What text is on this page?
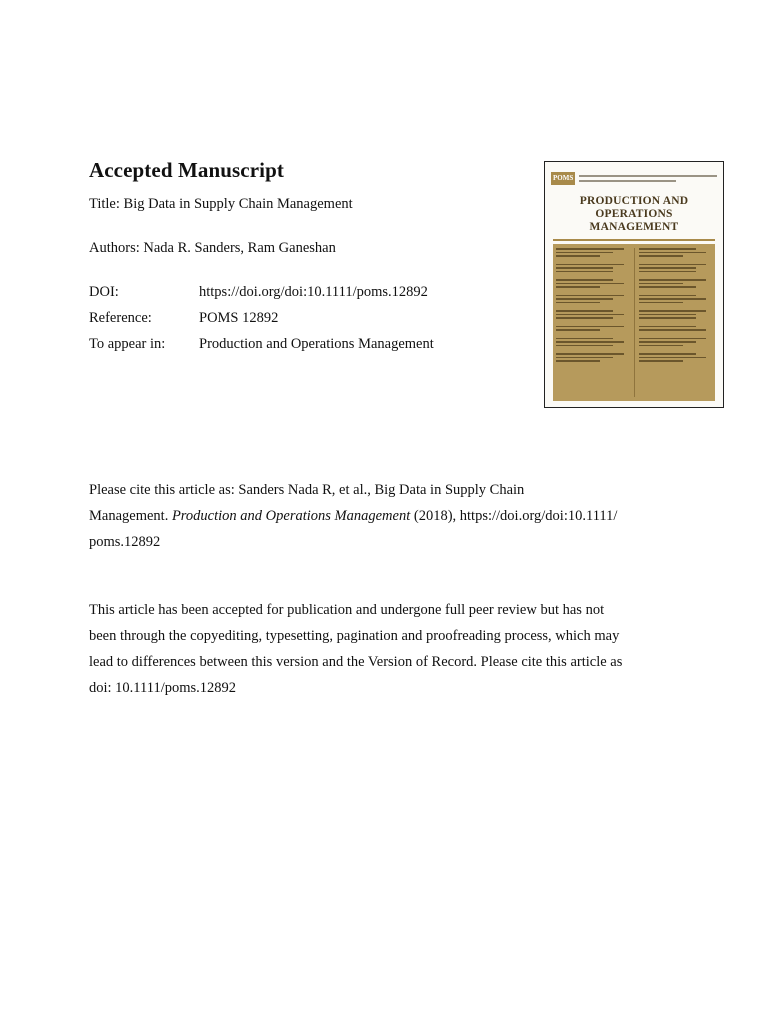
Accepted Manuscript
Title: Big Data in Supply Chain Management
Authors: Nada R. Sanders, Ram Ganeshan
DOI:	https://doi.org/doi:10.1111/poms.12892
Reference:	POMS 12892
To appear in: Production and Operations Management
POMS
PRODUCTION AND
OPERATIONS
MANAGEMENT
Please cite this article as: Sanders Nada R, et al., Big Data in Supply Chain
Management. Production and Operations Management (2018), https://doi.org/doi:10.1111/
poms.12892
This article has been accepted for publication and undergone full peer review but has not
been through the copyediting, typesetting, pagination and proofreading process, which may
lead to differences between this version and the Version of Record. Please cite this article as
doi: 10.1111/poms.12892
